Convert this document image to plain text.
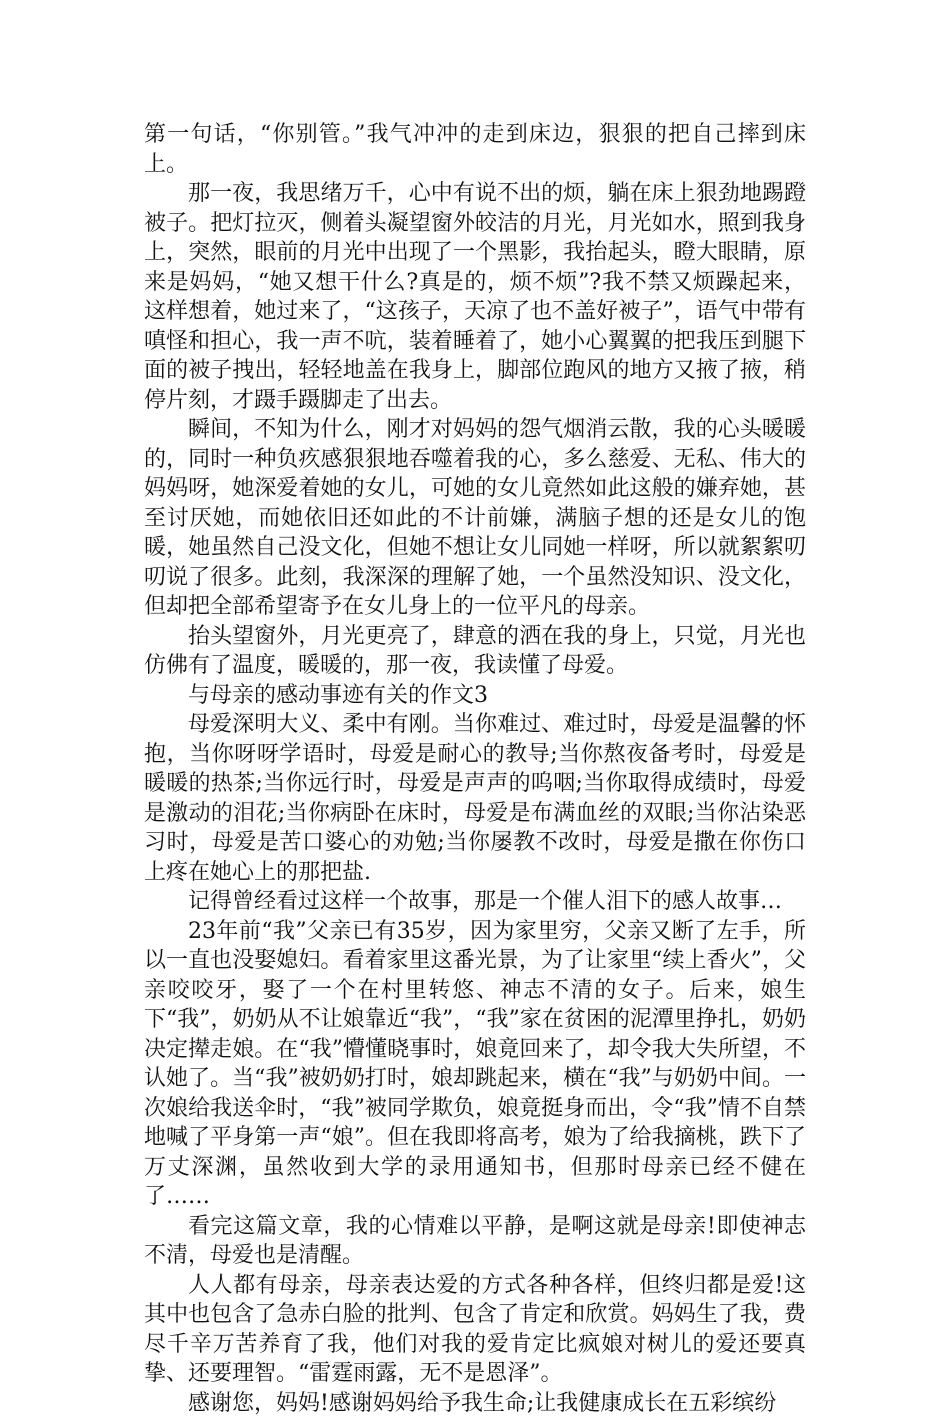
第一句话，“你别管。”我气冲冲的走到床边，狠狠的把自己摔到床上。

那一夜，我思绪万千，心中有说不出的烦，躺在床上狠劲地踢蹬被子。把灯拉灭，侧着头凝望窗外皎洁的月光，月光如水，照到我身上，突然，眼前的月光中出现了一个黑影，我抬起头，瞪大眼睛，原来是妈妈，“她又想干什么?真是的，烦不烦”?我不禁又烦躁起来，这样想着，她过来了，“这孩子，天凉了也不盖好被子”，语气中带有嗔怪和担心，我一声不吭，装着睡着了，她小心翼翼的把我压到腿下面的被子拽出，轻轻地盖在我身上，脚部位跑风的地方又掖了掖，稍停片刻，才蹑手蹑脚走了出去。

瞬间，不知为什么，刚才对妈妈的怨气烟消云散，我的心头暖暖的，同时一种负疚感狠狠地吞噬着我的心，多么慈爱、无私、伟大的妈妈呀，她深爱着她的女儿，可她的女儿竟然如此这般的嫌弃她，甚至讨厌她，而她依旧还如此的不计前嫌，满脑子想的还是女儿的饱暖，她虽然自己没文化，但她不想让女儿同她一样呀，所以就絮絮叨叨说了很多。此刻，我深深的理解了她，一个虽然没知识、没文化，但却把全部希望寄予在女儿身上的一位平凡的母亲。

抬头望窗外，月光更亮了，肆意的洒在我的身上，只觉，月光也仿佛有了温度，暖暖的，那一夜，我读懂了母爱。

与母亲的感动事迹有关的作文3

母爱深明大义、柔中有刚。当你难过、难过时，母爱是温馨的怀抱，当你呀呀学语时，母爱是耐心的教导;当你熬夜备考时，母爱是暖暖的热茶;当你远行时，母爱是声声的呜咽;当你取得成绩时，母爱是激动的泪花;当你病卧在床时，母爱是布满血丝的双眼;当你沾染恶习时，母爱是苦口婆心的劝勉;当你屡教不改时，母爱是撒在你伤口上疼在她心上的那把盐.

记得曾经看过这样一个故事，那是一个催人泪下的感人故事…

23年前“我”父亲已有35岁，因为家里穷，父亲又断了左手，所以一直也没娶媳妇。看着家里这番光景，为了让家里“续上香火”，父亲咬咬牙，娶了一个在村里转悠、神志不清的女子。后来，娘生下“我”，奶奶从不让娘靠近“我”，“我”家在贫困的泥潭里挣扎，奶奶决定撵走娘。在“我”懵懂晓事时，娘竟回来了，却令我大失所望，不认她了。当“我”被奶奶打时，娘却跳起来，横在“我”与奶奶中间。一次娘给我送伞时，“我”被同学欺负，娘竟挺身而出，令“我”情不自禁地喊了平身第一声“娘”。但在我即将高考，娘为了给我摘桃，跌下了万丈深渊，虽然收到大学的录用通知书，但那时母亲已经不健在了……

看完这篇文章，我的心情难以平静，是啊这就是母亲!即使神志不清，母爱也是清醒。

人人都有母亲，母亲表达爱的方式各种各样，但终归都是爱!这其中也包含了急赤白脸的批判、包含了肯定和欣赏。妈妈生了我，费尽千辛万苦养育了我，他们对我的爱肯定比疯娘对树儿的爱还要真挚、还要理智。“雷霆雨露，无不是恩泽”。

感谢您，妈妈!感谢妈妈给予我生命;让我健康成长在五彩缤纷
